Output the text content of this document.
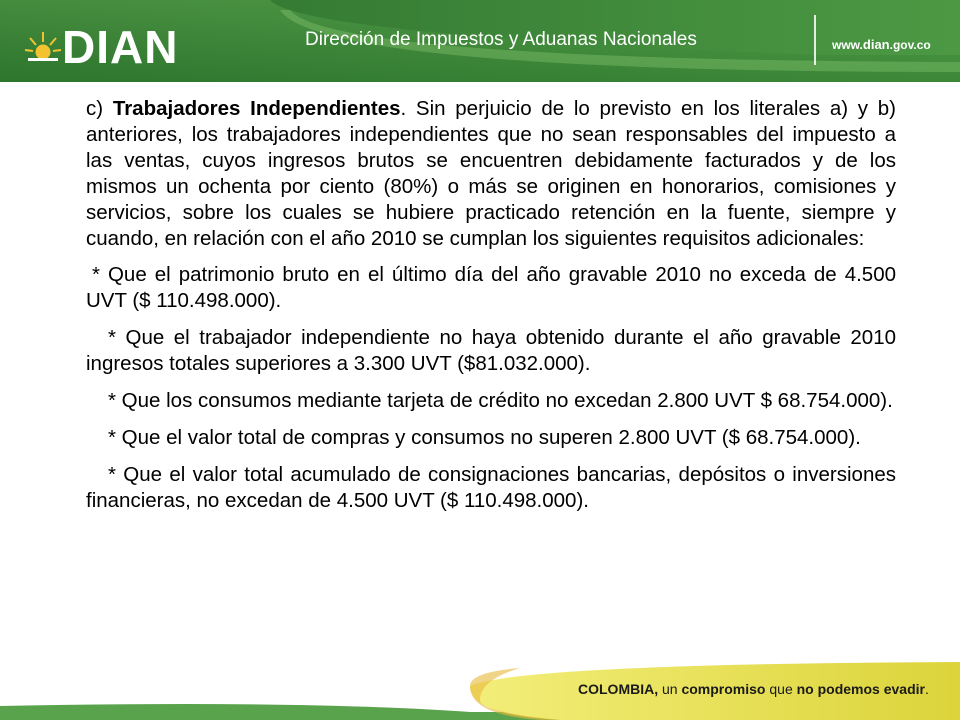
DIAN	Dirección de Impuestos y Aduanas Nacionales	www.dian.gov.co

c) Trabajadores Independientes. Sin perjuicio de lo previsto en los literales a) y b) anteriores, los trabajadores independientes que no sean responsables del impuesto a las ventas, cuyos ingresos brutos se encuentren debidamente facturados y de los mismos un ochenta por ciento (80%) o más se originen en honorarios, comisiones y servicios, sobre los cuales se hubiere practicado retención en la fuente, siempre y cuando, en relación con el año 2010 se cumplan los siguientes requisitos adicionales:

* Que el patrimonio bruto en el último día del año gravable 2010 no exceda de 4.500 UVT ($ 110.498.000).

* Que el trabajador independiente no haya obtenido durante el año gravable 2010 ingresos totales superiores a 3.300 UVT ($81.032.000).

* Que los consumos mediante tarjeta de crédito no excedan 2.800 UVT $ 68.754.000).

* Que el valor total de compras y consumos no superen 2.800 UVT ($ 68.754.000).

* Que el valor total acumulado de consignaciones bancarias, depósitos o inversiones financieras, no excedan de 4.500 UVT ($ 110.498.000).

COLOMBIA, un compromiso que no podemos evadir.
